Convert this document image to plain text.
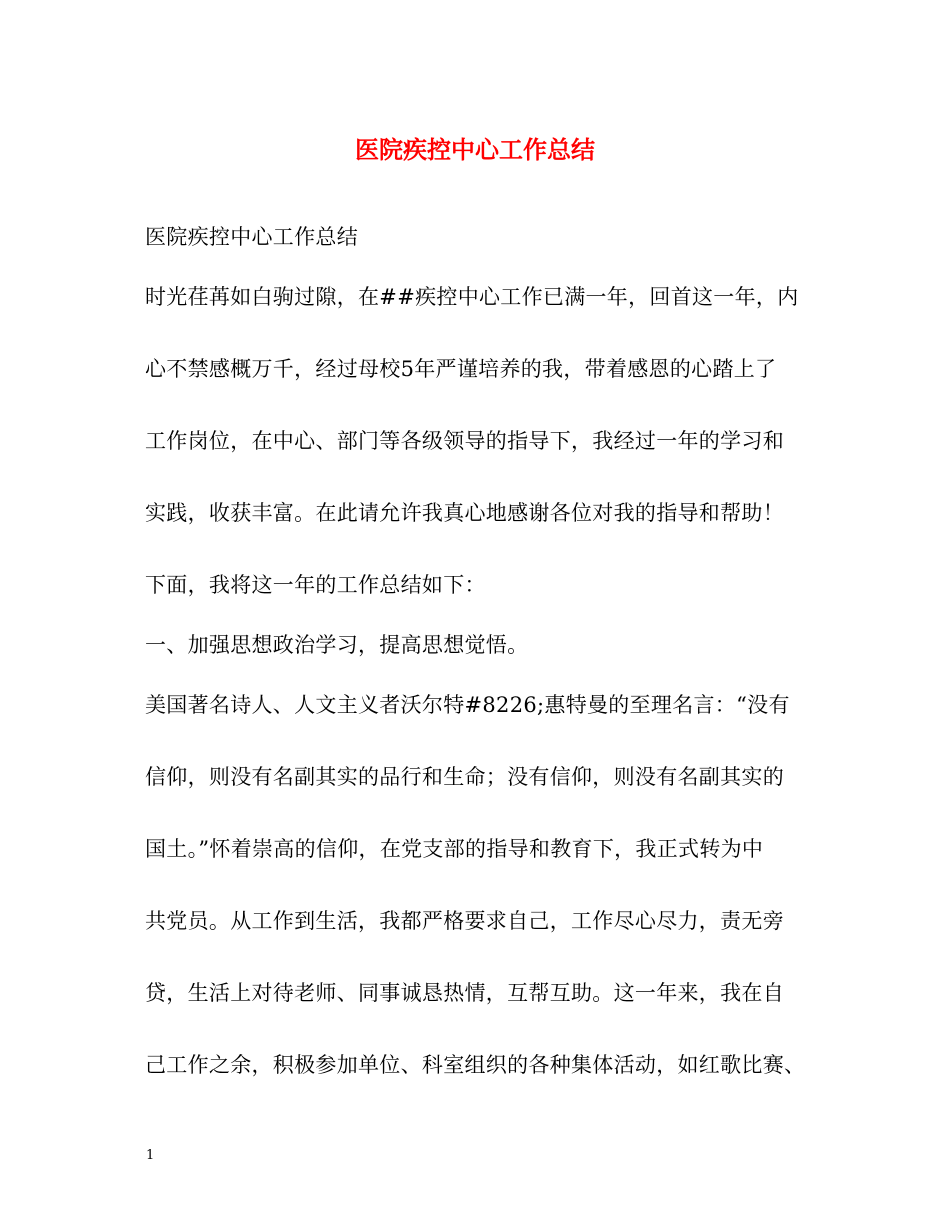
医院疾控中心工作总结
医院疾控中心工作总结
时光荏苒如白驹过隙，在##疾控中心工作已满一年，回首这一年，内
心不禁感概万千，经过母校5年严谨培养的我，带着感恩的心踏上了
工作岗位，在中心、部门等各级领导的指导下，我经过一年的学习和
实践，收获丰富。在此请允许我真心地感谢各位对我的指导和帮助！
下面，我将这一年的工作总结如下：
一、加强思想政治学习，提高思想觉悟。
美国著名诗人、人文主义者沃尔特#8226;惠特曼的至理名言：“没有
信仰，则没有名副其实的品行和生命；没有信仰，则没有名副其实的
国土。”怀着崇高的信仰，在党支部的指导和教育下，我正式转为中
共党员。从工作到生活，我都严格要求自己，工作尽心尽力，责无旁
贷，生活上对待老师、同事诚恳热情，互帮互助。这一年来，我在自
己工作之余，积极参加单位、科室组织的各种集体活动，如红歌比赛、
1
